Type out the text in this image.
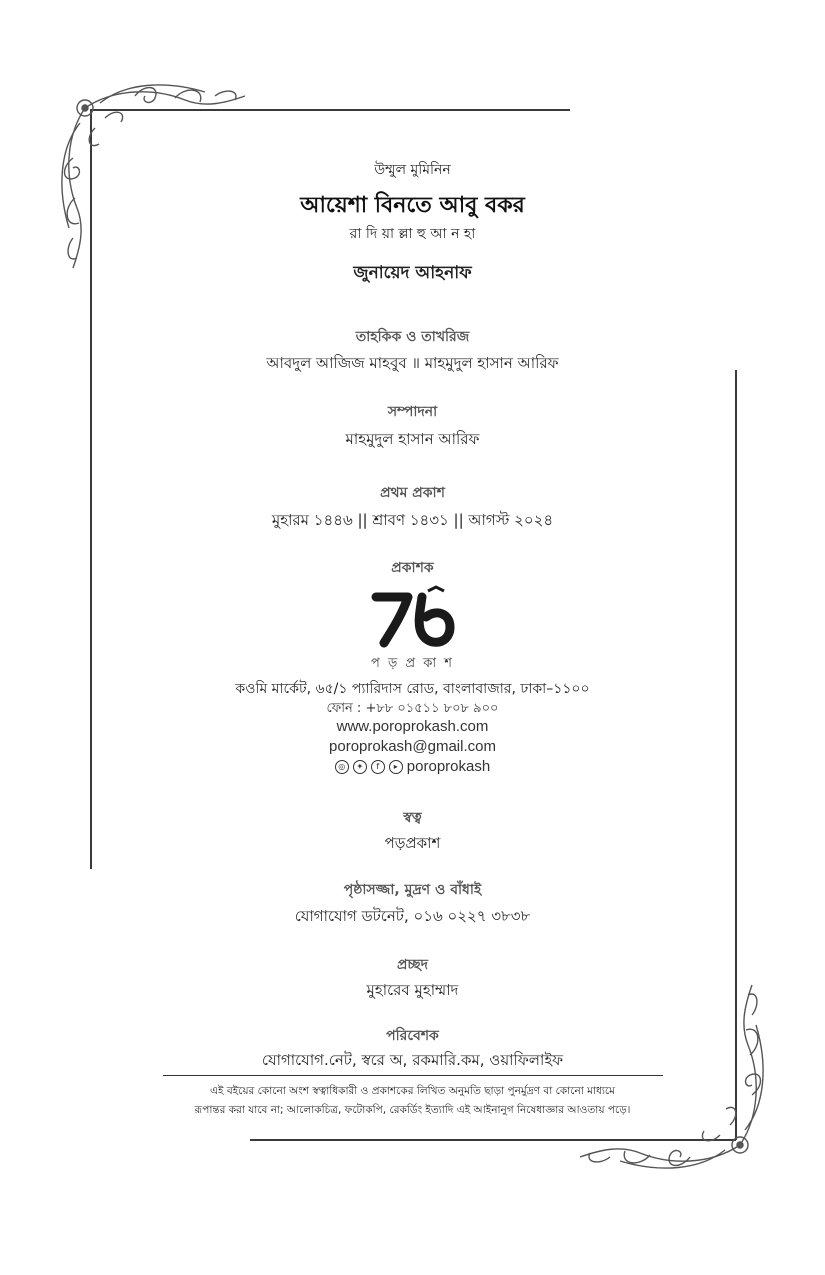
উম্মুল মুমিনিন
আয়েশা বিনতে আবু বকর
রা দি য়া ল্লা হু আ ন হা
জুনায়েদ আহনাফ
তাহকিক ও তাখরিজ
আবদুল আজিজ মাহবুব ॥ মাহমুদুল হাসান আরিফ
সম্পাদনা
মাহমুদুল হাসান আরিফ
প্রথম প্রকাশ
মুহারম ১৪৪৬ || শ্রাবণ ১৪৩১ || আগস্ট ২০২৪
প্রকাশক
প ড় প্র কা শ
কওমি মার্কেট, ৬৫/১ প্যারিদাস রোড, বাংলাবাজার, ঢাকা–১১০০
ফোন : +৮৮ ০১৫১১ ৮০৮ ৯০০
www.poroprokash.com
poroprokash@gmail.com
◎	✦	f	▸ poroprokash
স্বত্ব
পড়প্রকাশ
পৃষ্ঠাসজ্জা, মুদ্রণ ও বাঁধাই
যোগাযোগ ডটনেট, ০১৬ ০২২৭ ৩৮৩৮
প্রচ্ছদ
মুহারেব মুহাম্মাদ
পরিবেশক
যোগাযোগ.নেট, স্বরে অ, রকমারি.কম, ওয়াফিলাইফ
এই বইয়ের কোনো অংশ স্বত্বাধিকারী ও প্রকাশকের লিখিত অনুমতি ছাড়া পুনর্মুদ্রণ বা কোনো মাধ্যমে
রূপান্তর করা যাবে না; আলোকচিত্র, ফটোকপি, রেকর্ডিং ইত্যাদি এই আইনানুগ নিষেধাজ্ঞার আওতায় পড়ে।
